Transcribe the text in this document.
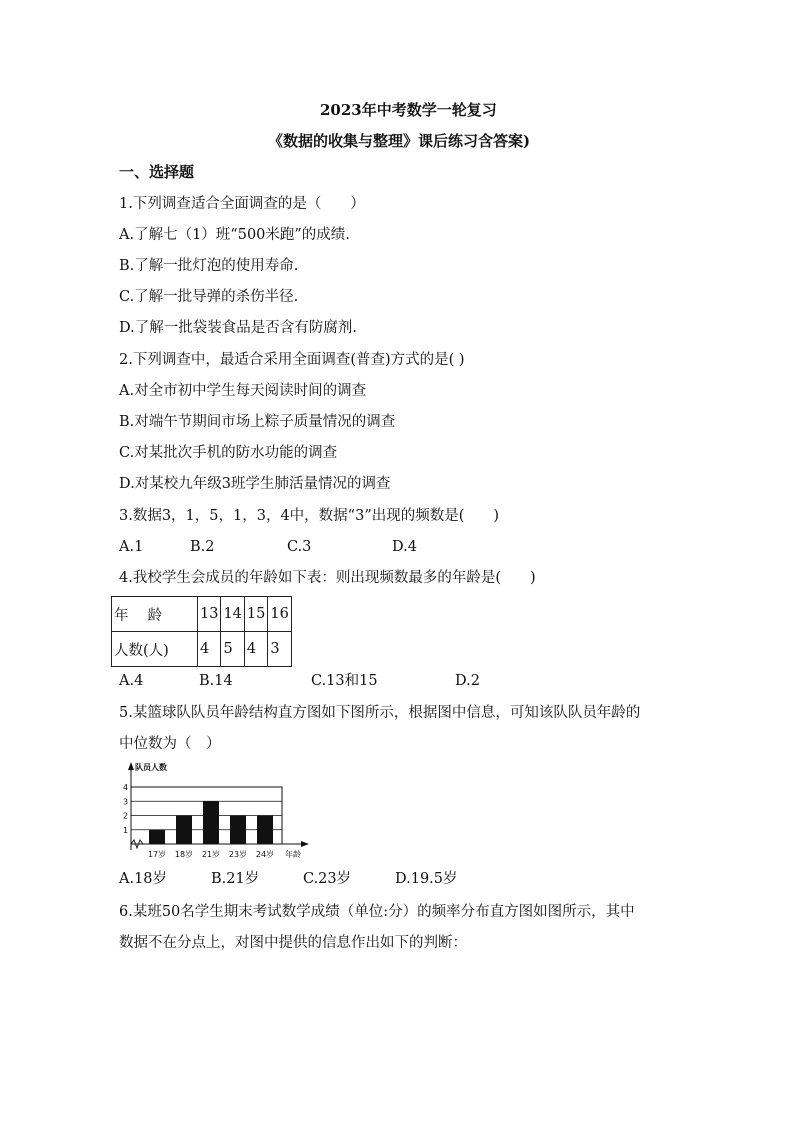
2023年中考数学一轮复习
《数据的收集与整理》课后练习含答案)
一、选择题
1.下列调查适合全面调查的是（　　）
A.了解七（1）班“500米跑”的成绩.
B.了解一批灯泡的使用寿命.
C.了解一批导弹的杀伤半径.
D.了解一批袋装食品是否含有防腐剂.
2.下列调查中，最适合采用全面调查(普查)方式的是( )
A.对全市初中学生每天阅读时间的调查
B.对端午节期间市场上粽子质量情况的调查
C.对某批次手机的防水功能的调查
D.对某校九年级3班学生肺活量情况的调查
3.数据3，1，5，1，3，4中，数据“3”出现的频数是(　　)
A.1	B.2	C.3	D.4
4.我校学生会成员的年龄如下表：则出现频数最多的年龄是(　　)
年　 龄	13	14	15	16
人数(人)	4	5	4	3
A.4	B.14	C.13和15	D.2
5.某篮球队队员年龄结构直方图如下图所示，根据图中信息，可知该队队员年龄的
中位数为（　）
队员人数
年龄
1
2
3
4
17岁 18岁 21岁 23岁 24岁
A.18岁	B.21岁	C.23岁	D.19.5岁
6.某班50名学生期末考试数学成绩（单位:分）的频率分布直方图如图所示，其中
数据不在分点上，对图中提供的信息作出如下的判断：
